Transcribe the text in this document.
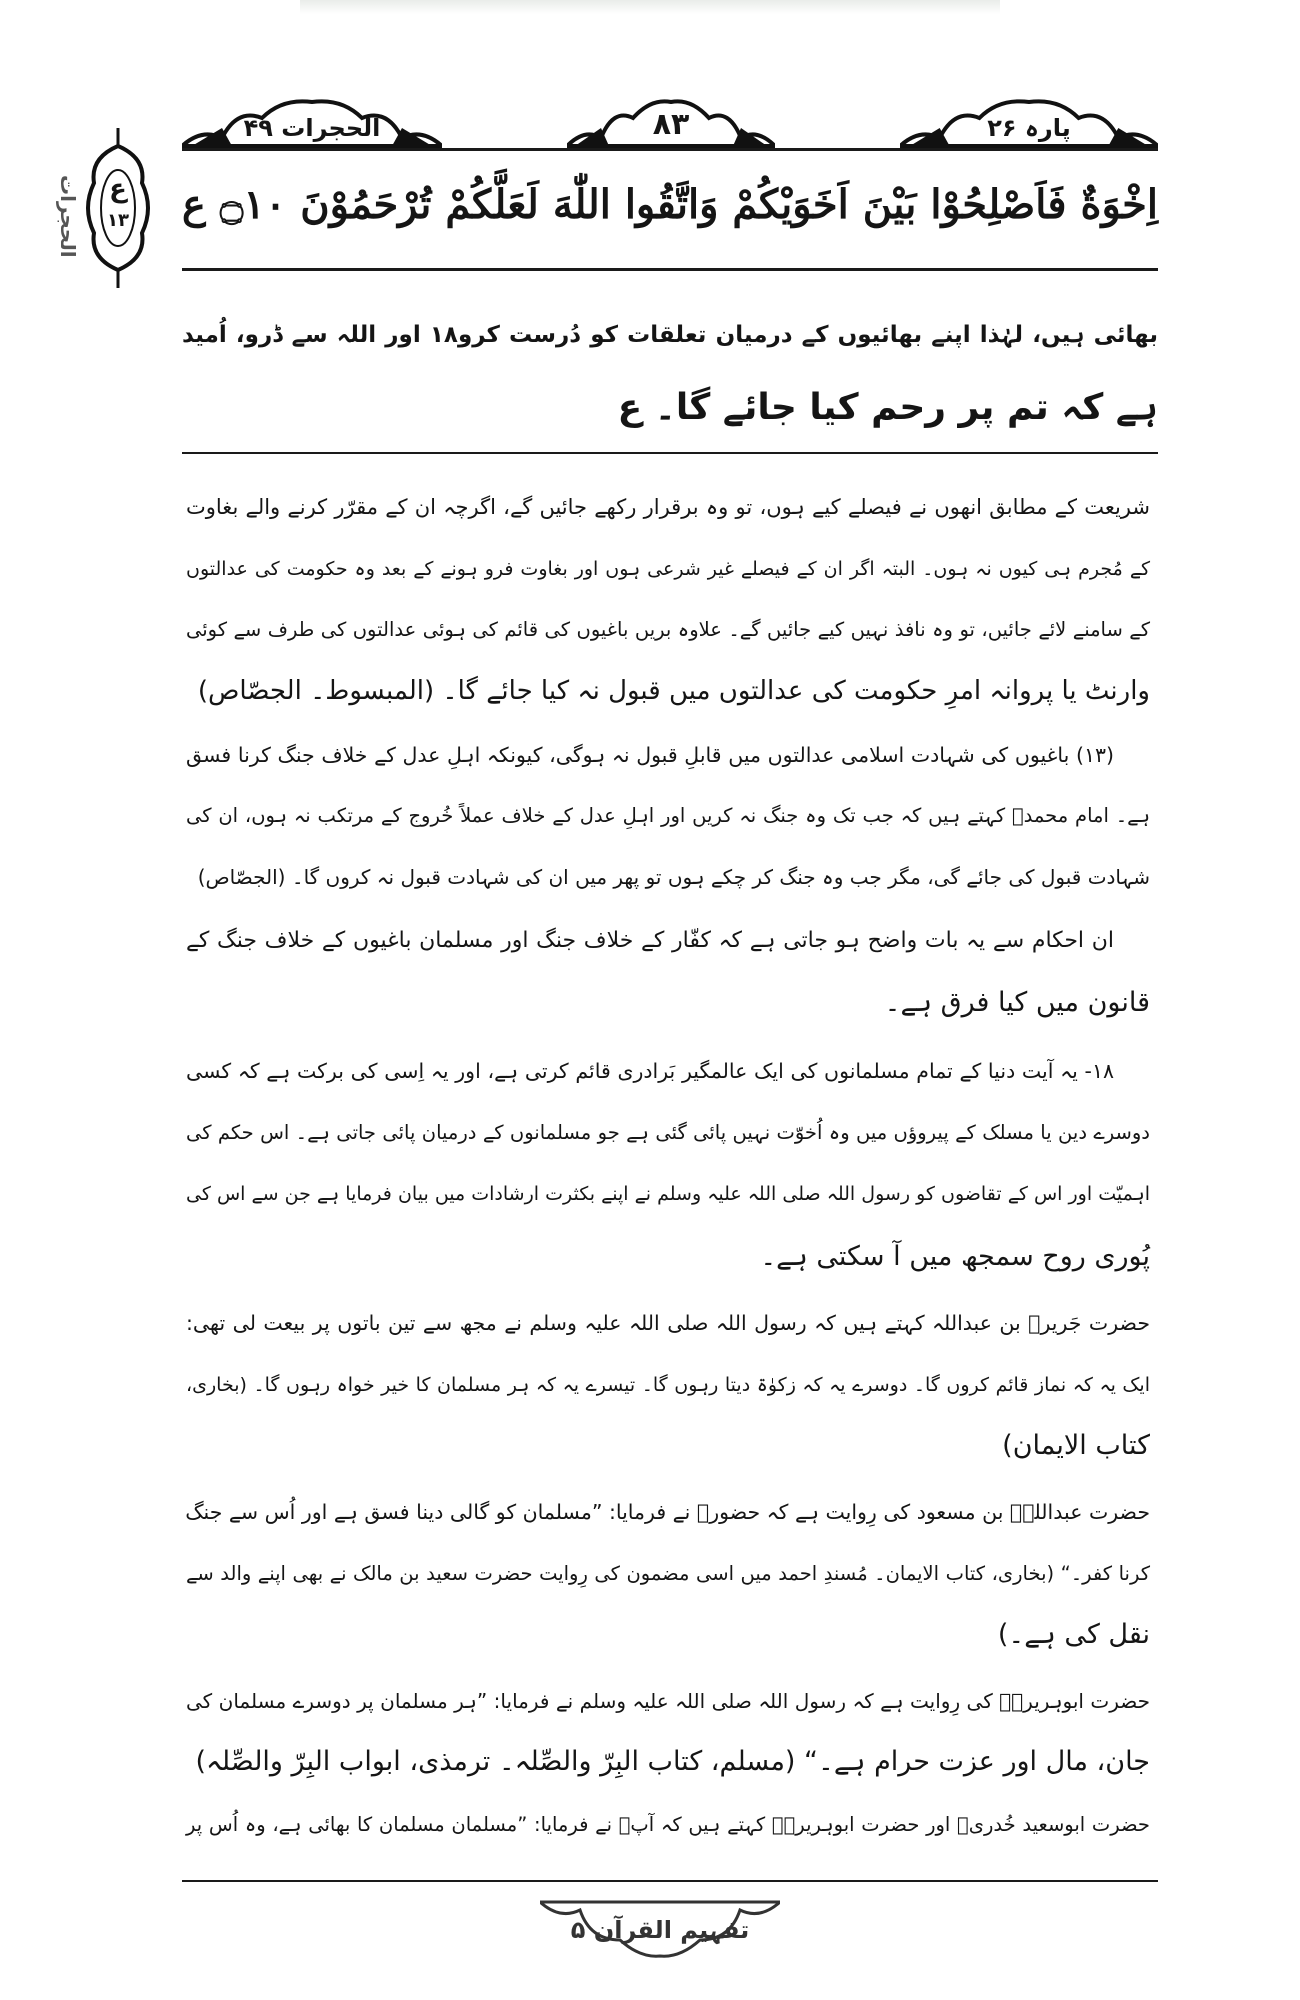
الحجرات ۴۹	۸۳	پارہ ۲۶
الحجرات	ع
۱۳	اِخْوَةٌ فَاَصْلِحُوْا بَيْنَ اَخَوَيْكُمْ وَاتَّقُوا اللّٰهَ لَعَلَّكُمْ تُرْحَمُوْنَ ۝١٠ ع
بھائی ہیں، لہٰذا اپنے بھائیوں کے درمیان تعلقات کو دُرست کرو۱۸ اور اللہ سے ڈرو، اُمید
ہے کہ تم پر رحم کیا جائے گا۔ ع
شریعت کے مطابق انھوں نے فیصلے کیے ہوں، تو وہ برقرار رکھے جائیں گے، اگرچہ ان کے مقرّر کرنے والے بغاوت
کے مُجرم ہی کیوں نہ ہوں۔ البتہ اگر ان کے فیصلے غیر شرعی ہوں اور بغاوت فرو ہونے کے بعد وہ حکومت کی عدالتوں
کے سامنے لائے جائیں، تو وہ نافذ نہیں کیے جائیں گے۔ علاوہ بریں باغیوں کی قائم کی ہوئی عدالتوں کی طرف سے کوئی
وارنٹ یا پروانہ امرِ حکومت کی عدالتوں میں قبول نہ کیا جائے گا۔ (المبسوط۔ الجصّاص)
(۱۳) باغیوں کی شہادت اسلامی عدالتوں میں قابلِ قبول نہ ہوگی، کیونکہ اہلِ عدل کے خلاف جنگ کرنا فسق
ہے۔ امام محمدؒ کہتے ہیں کہ جب تک وہ جنگ نہ کریں اور اہلِ عدل کے خلاف عملاً خُروج کے مرتکب نہ ہوں، ان کی
شہادت قبول کی جائے گی، مگر جب وہ جنگ کر چکے ہوں تو پھر میں ان کی شہادت قبول نہ کروں گا۔ (الجصّاص)
ان احکام سے یہ بات واضح ہو جاتی ہے کہ کفّار کے خلاف جنگ اور مسلمان باغیوں کے خلاف جنگ کے
قانون میں کیا فرق ہے۔
۱۸- یہ آیت دنیا کے تمام مسلمانوں کی ایک عالمگیر بَرادری قائم کرتی ہے، اور یہ اِسی کی برکت ہے کہ کسی
دوسرے دین یا مسلک کے پیروؤں میں وہ اُخوّت نہیں پائی گئی ہے جو مسلمانوں کے درمیان پائی جاتی ہے۔ اس حکم کی
اہمیّت اور اس کے تقاضوں کو رسول اللہ صلی اللہ علیہ وسلم نے اپنے بکثرت ارشادات میں بیان فرمایا ہے جن سے اس کی
پُوری روح سمجھ میں آ سکتی ہے۔
حضرت جَریرؓ بن عبداللہ کہتے ہیں کہ رسول اللہ صلی اللہ علیہ وسلم نے مجھ سے تین باتوں پر بیعت لی تھی:
ایک یہ کہ نماز قائم کروں گا۔ دوسرے یہ کہ زکوٰۃ دیتا رہوں گا۔ تیسرے یہ کہ ہر مسلمان کا خیر خواہ رہوں گا۔ (بخاری،
کتاب الایمان)
حضرت عبداللہؓ بن مسعود کی رِوایت ہے کہ حضورؐ نے فرمایا: ”مسلمان کو گالی دینا فسق ہے اور اُس سے جنگ
کرنا کفر۔“ (بخاری، کتاب الایمان۔ مُسندِ احمد میں اسی مضمون کی رِوایت حضرت سعید بن مالک نے بھی اپنے والد سے
نقل کی ہے۔)
حضرت ابوہریرہؓ کی رِوایت ہے کہ رسول اللہ صلی اللہ علیہ وسلم نے فرمایا: ”ہر مسلمان پر دوسرے مسلمان کی
جان، مال اور عزت حرام ہے۔“ (مسلم، کتاب البِرّ والصِّلہ۔ ترمذی، ابواب البِرّ والصِّلہ)
حضرت ابوسعید خُدریؓ اور حضرت ابوہریرہؓ کہتے ہیں کہ آپؐ نے فرمایا: ”مسلمان مسلمان کا بھائی ہے، وہ اُس پر
تفہیم القرآن ۵
